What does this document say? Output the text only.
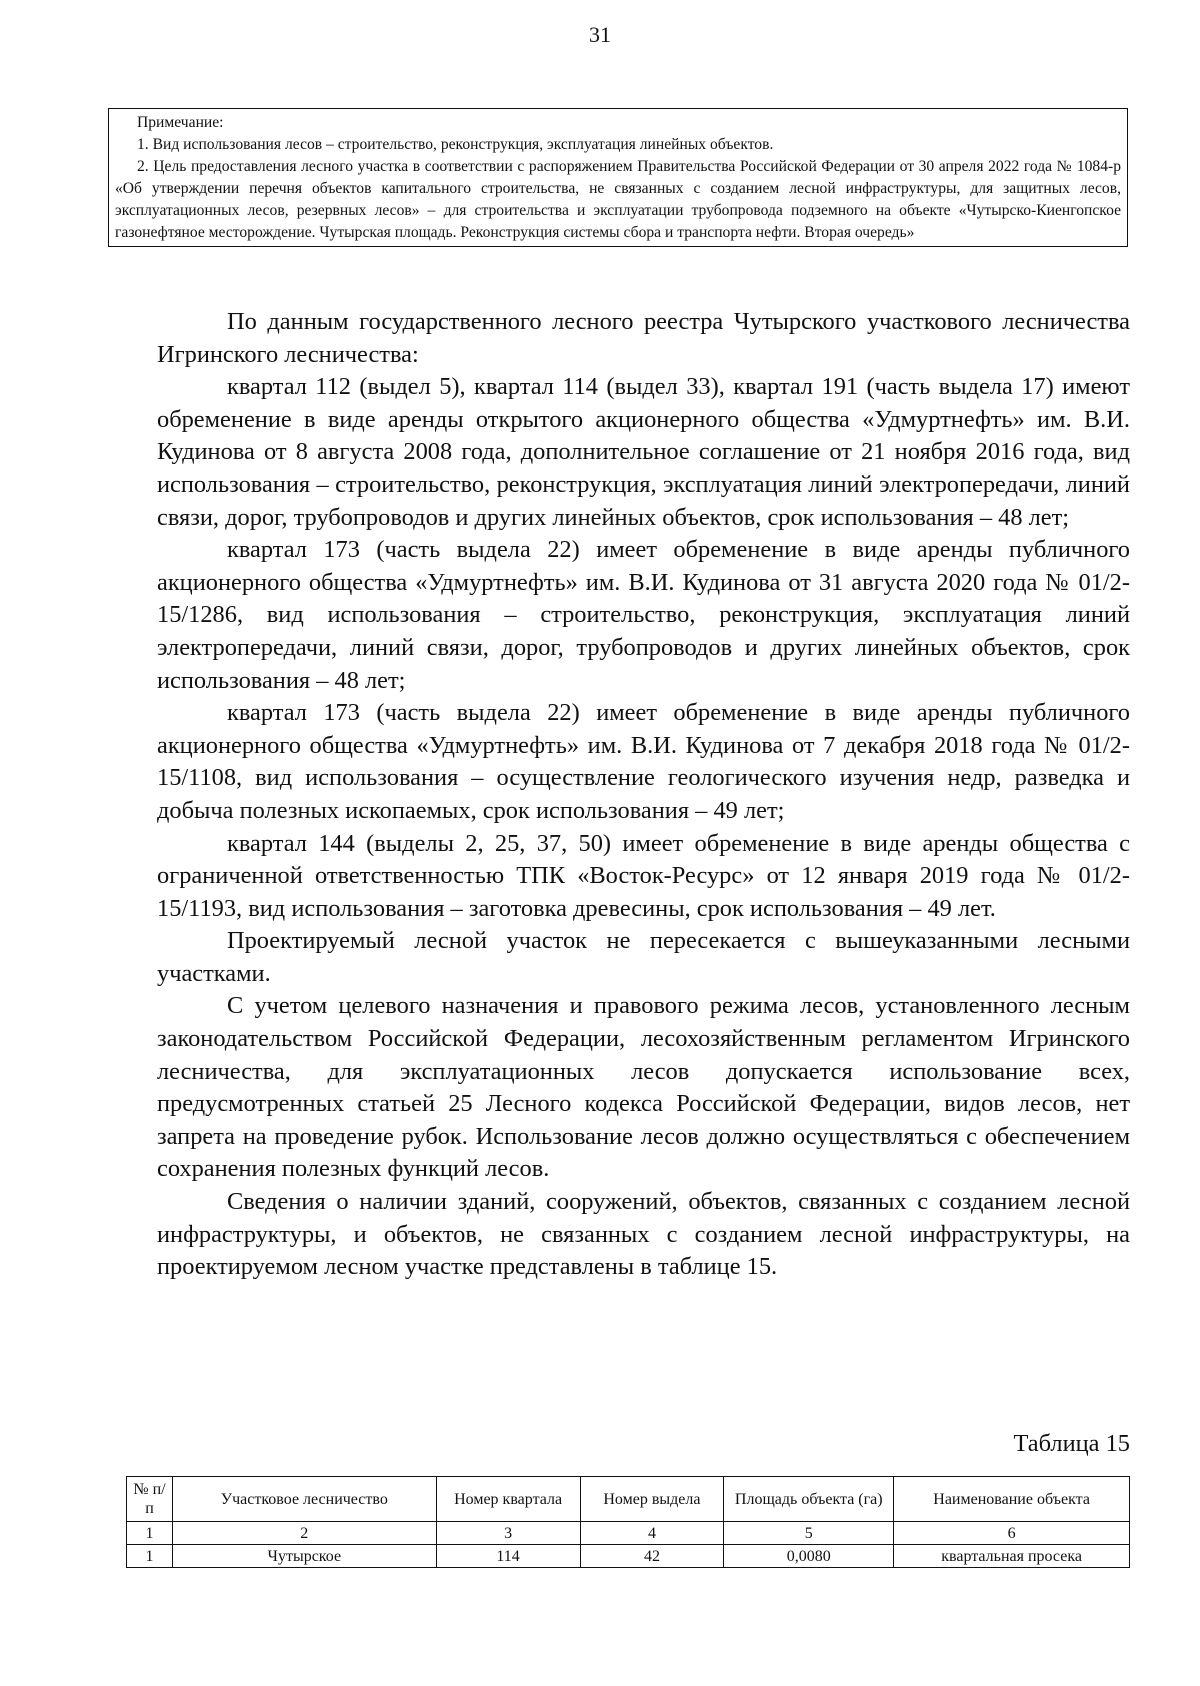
31
Примечание:
1. Вид использования лесов – строительство, реконструкция, эксплуатация линейных объектов.
2. Цель предоставления лесного участка в соответствии с распоряжением Правительства Российской Федерации от 30 апреля 2022 года № 1084-р «Об утверждении перечня объектов капитального строительства, не связанных с созданием лесной инфраструктуры, для защитных лесов, эксплуатационных лесов, резервных лесов» – для строительства и эксплуатации трубопровода подземного на объекте «Чутырско-Киенгопское газонефтяное месторождение. Чутырская площадь. Реконструкция системы сбора и транспорта нефти. Вторая очередь»

По данным государственного лесного реестра Чутырского участкового лесничества Игринского лесничества:

квартал 112 (выдел 5), квартал 114 (выдел 33), квартал 191 (часть выдела 17) имеют обременение в виде аренды открытого акционерного общества «Удмуртнефть» им. В.И. Кудинова от 8 августа 2008 года, дополнительное соглашение от 21 ноября 2016 года, вид использования – строительство, реконструкция, эксплуатация линий электропередачи, линий связи, дорог, трубопроводов и других линейных объектов, срок использования – 48 лет;

квартал 173 (часть выдела 22) имеет обременение в виде аренды публичного акционерного общества «Удмуртнефть» им. В.И. Кудинова от 31 августа 2020 года № 01/2-15/1286, вид использования – строительство, реконструкция, эксплуатация линий электропередачи, линий связи, дорог, трубопроводов и других линейных объектов, срок использования – 48 лет;

квартал 173 (часть выдела 22) имеет обременение в виде аренды публичного акционерного общества «Удмуртнефть» им. В.И. Кудинова от 7 декабря 2018 года № 01/2-15/1108, вид использования – осуществление геологического изучения недр, разведка и добыча полезных ископаемых, срок использования – 49 лет;

квартал 144 (выделы 2, 25, 37, 50) имеет обременение в виде аренды общества с ограниченной ответственностью ТПК «Восток-Ресурс» от 12 января 2019 года № 01/2-15/1193, вид использования – заготовка древесины, срок использования – 49 лет.

Проектируемый лесной участок не пересекается с вышеуказанными лесными участками.

С учетом целевого назначения и правового режима лесов, установленного лесным законодательством Российской Федерации, лесохозяйственным регламентом Игринского лесничества, для эксплуатационных лесов допускается использование всех, предусмотренных статьей 25 Лесного кодекса Российской Федерации, видов лесов, нет запрета на проведение рубок. Использование лесов должно осуществляться с обеспечением сохранения полезных функций лесов.

Сведения о наличии зданий, сооружений, объектов, связанных с созданием лесной инфраструктуры, и объектов, не связанных с созданием лесной инфраструктуры, на проектируемом лесном участке представлены в таблице 15.

Таблица 15
№ п/п	Участковое лесничество	Номер квартала	Номер выдела	Площадь объекта (га)	Наименование объекта
1	2	3	4	5	6
1	Чутырское	114	42	0,0080	квартальная просека
